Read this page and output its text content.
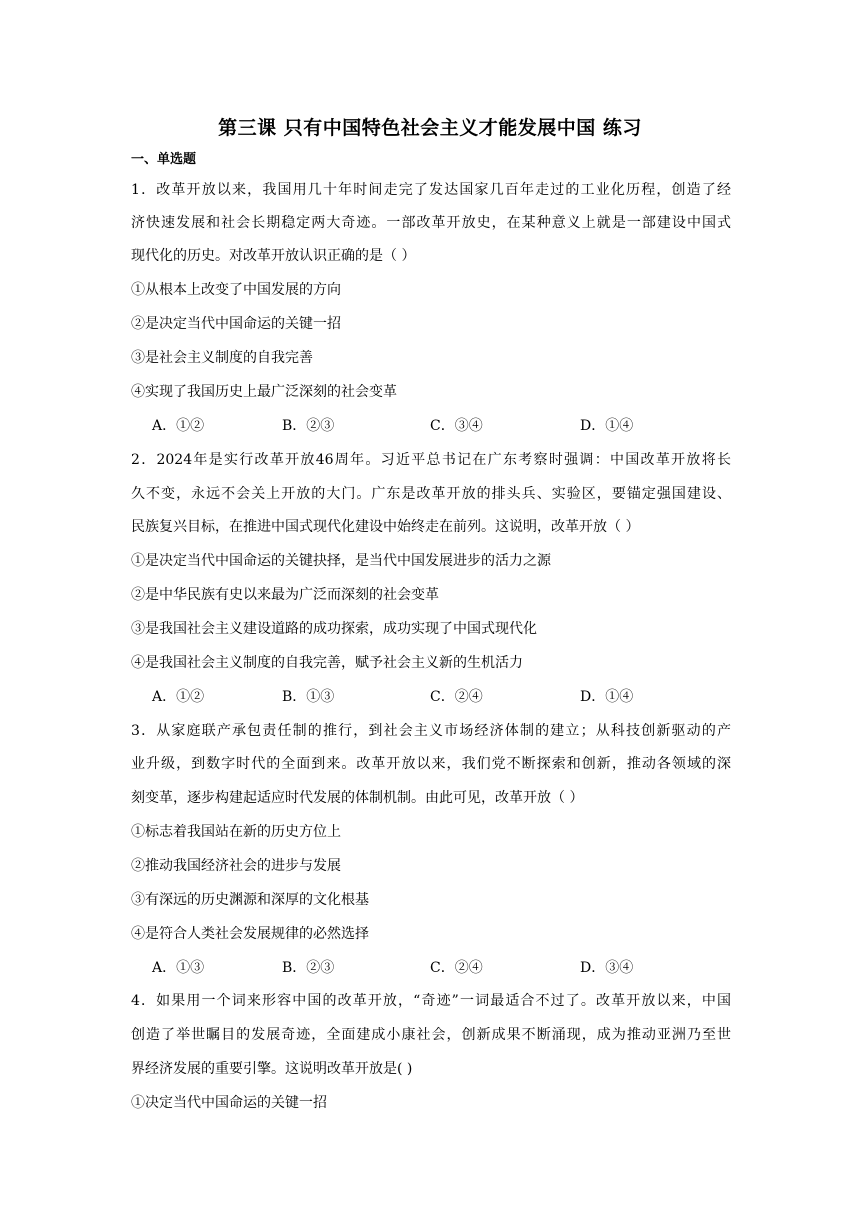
第三课 只有中国特色社会主义才能发展中国 练习
一、单选题
1．改革开放以来，我国用几十年时间走完了发达国家几百年走过的工业化历程，创造了经
济快速发展和社会长期稳定两大奇迹。一部改革开放史，在某种意义上就是一部建设中国式
现代化的历史。对改革开放认识正确的是（ ）
①从根本上改变了中国发展的方向
②是决定当代中国命运的关键一招
③是社会主义制度的自我完善
④实现了我国历史上最广泛深刻的社会变革
A．①②	B．②③	C．③④	D．①④
2．2024年是实行改革开放46周年。习近平总书记在广东考察时强调：中国改革开放将长
久不变，永远不会关上开放的大门。广东是改革开放的排头兵、实验区，要锚定强国建设、
民族复兴目标，在推进中国式现代化建设中始终走在前列。这说明，改革开放（ ）
①是决定当代中国命运的关键抉择，是当代中国发展进步的活力之源
②是中华民族有史以来最为广泛而深刻的社会变革
③是我国社会主义建设道路的成功探索，成功实现了中国式现代化
④是我国社会主义制度的自我完善，赋予社会主义新的生机活力
A．①②	B．①③	C．②④	D．①④
3．从家庭联产承包责任制的推行，到社会主义市场经济体制的建立；从科技创新驱动的产
业升级，到数字时代的全面到来。改革开放以来，我们党不断探索和创新，推动各领域的深
刻变革，逐步构建起适应时代发展的体制机制。由此可见，改革开放（ ）
①标志着我国站在新的历史方位上
②推动我国经济社会的进步与发展
③有深远的历史渊源和深厚的文化根基
④是符合人类社会发展规律的必然选择
A．①③	B．②③	C．②④	D．③④
4．如果用一个词来形容中国的改革开放，“奇迹”一词最适合不过了。改革开放以来，中国
创造了举世瞩目的发展奇迹，全面建成小康社会，创新成果不断涌现，成为推动亚洲乃至世
界经济发展的重要引擎。这说明改革开放是( )
①决定当代中国命运的关键一招
